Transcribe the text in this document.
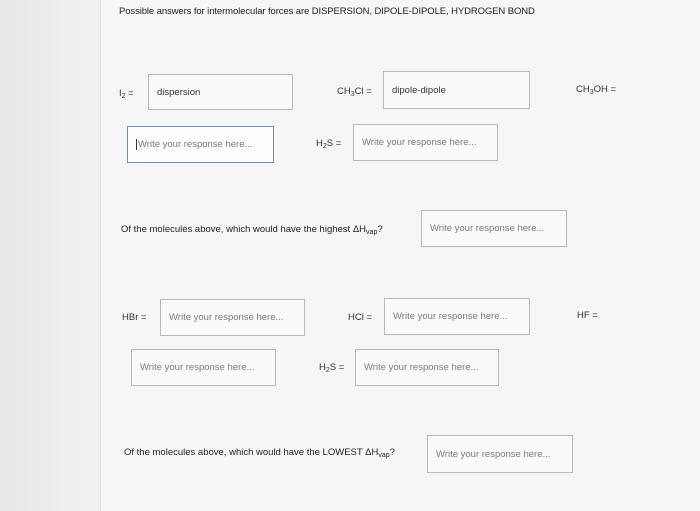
Possible answers for intermolecular forces are DISPERSION, DIPOLE-DIPOLE, HYDROGEN BOND
$I_2$ =	dispersion	$CH_3Cl$ =	dipole-dipole	$CH_3OH$ =
Write your response here...	$H_2S$ =	Write your response here...
Of the molecules above, which would have the highest $\Delta H_{vap}$?	Write your response here...
HBr =	Write your response here...	HCl =	Write your response here...	HF =
Write your response here...	$H_2S$ =	Write your response here...
Of the molecules above, which would have the LOWEST $\Delta H_{vap}$?	Write your response here...
